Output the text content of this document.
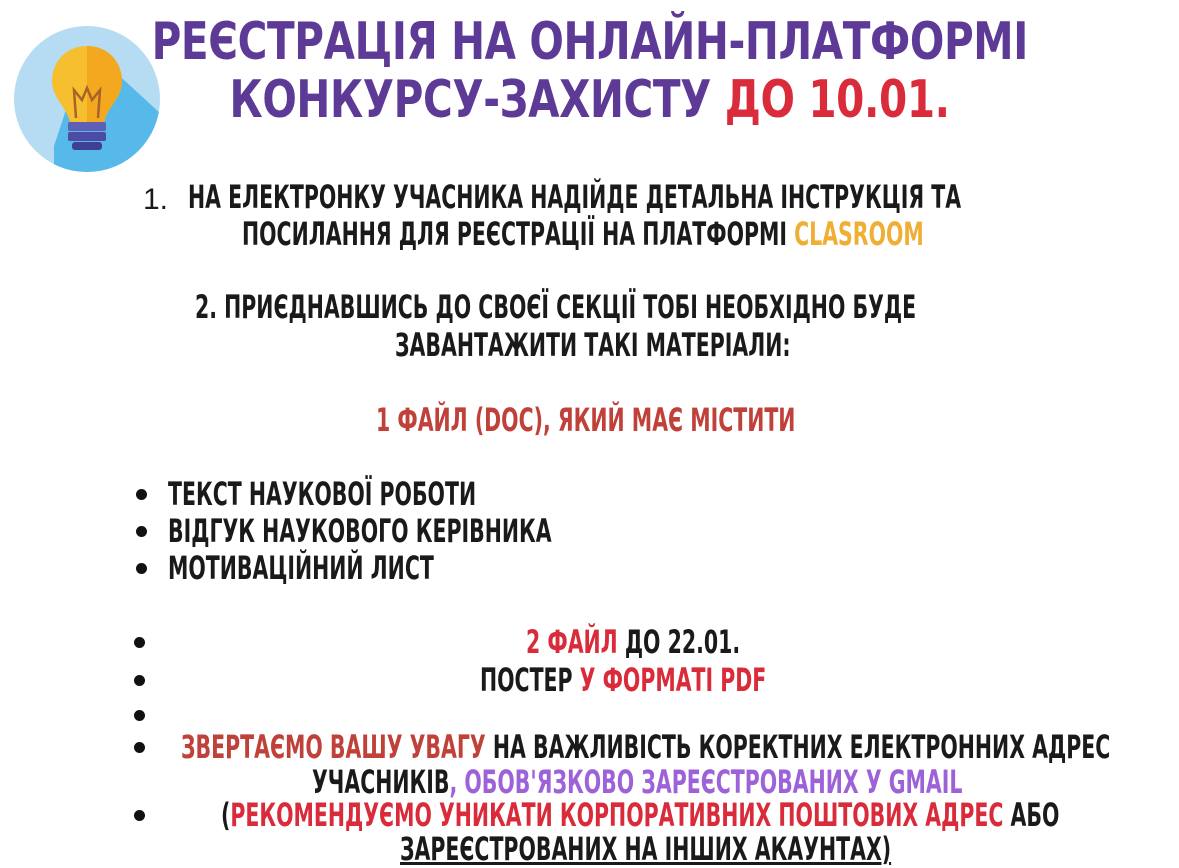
РЕЄСТРАЦІЯ НА ОНЛАЙН-ПЛАТФОРМІ
КОНКУРСУ-ЗАХИСТУ ДО 10.01.
1. НА ЕЛЕКТРОНКУ УЧАСНИКА НАДІЙДЕ ДЕТАЛЬНА ІНСТРУКЦІЯ ТА
ПОСИЛАННЯ ДЛЯ РЕЄСТРАЦІЇ НА ПЛАТФОРМІ CLASROOM
2. ПРИЄДНАВШИСЬ ДО СВОЄЇ СЕКЦІЇ ТОБІ НЕОБХІДНО БУДЕ
ЗАВАНТАЖИТИ ТАКІ МАТЕРІАЛИ:
1 ФАЙЛ (DOC), ЯКИЙ МАЄ МІСТИТИ
ТЕКСТ НАУКОВОЇ РОБОТИ
ВІДГУК НАУКОВОГО КЕРІВНИКА
МОТИВАЦІЙНИЙ ЛИСТ
2 ФАЙЛ ДО 22.01.
ПОСТЕР У ФОРМАТІ PDF
ЗВЕРТАЄМО ВАШУ УВАГУ НА ВАЖЛИВІСТЬ КОРЕКТНИХ ЕЛЕКТРОННИХ АДРЕС
УЧАСНИКІВ, ОБОВ'ЯЗКОВО ЗАРЕЄСТРОВАНИХ У GMAIL
(РЕКОМЕНДУЄМО УНИКАТИ КОРПОРАТИВНИХ ПОШТОВИХ АДРЕС АБО
ЗАРЕЄСТРОВАНИХ НА ІНШИХ АКАУНТАХ)
